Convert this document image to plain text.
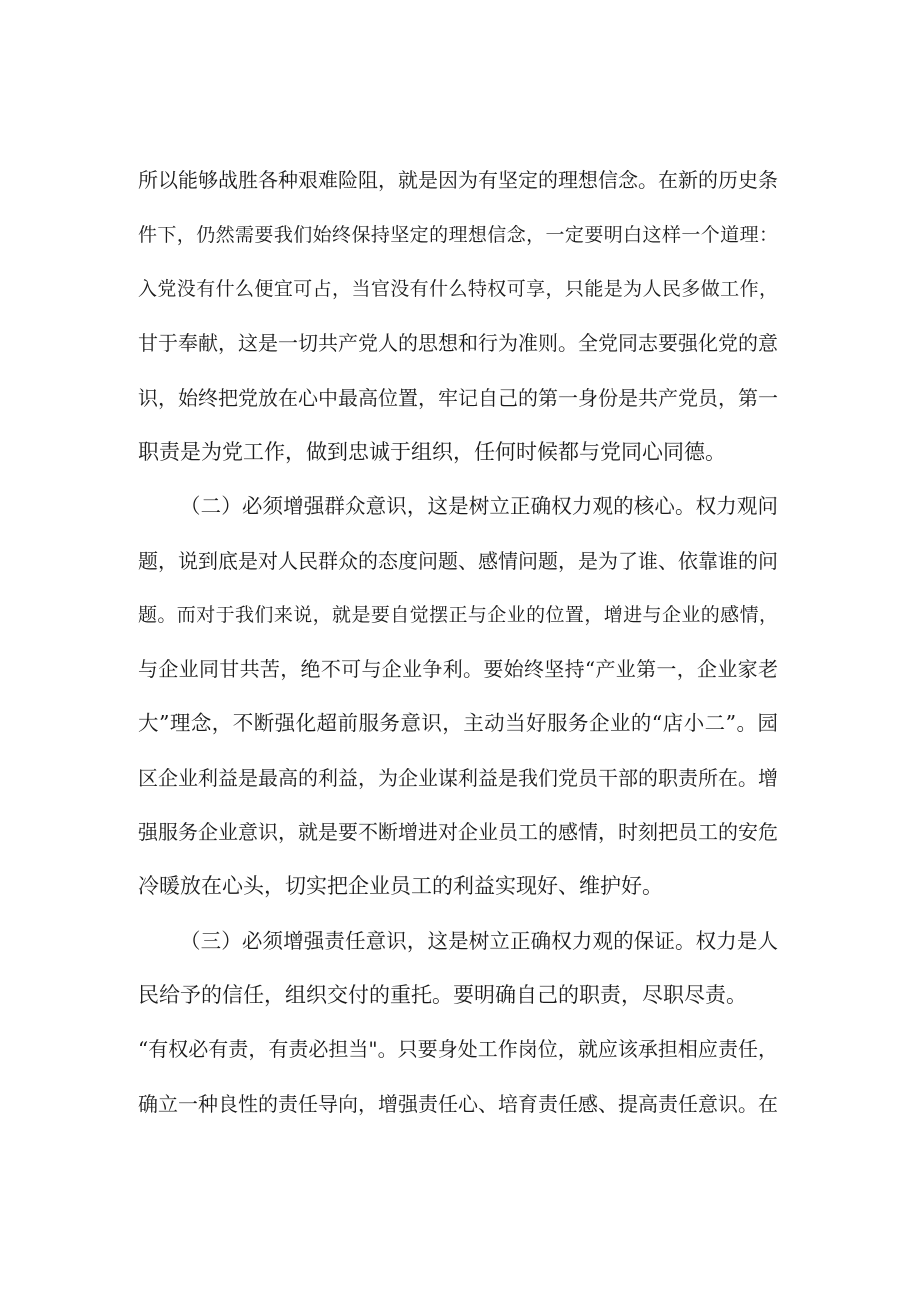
所以能够战胜各种艰难险阻，就是因为有坚定的理想信念。在新的历史条
件下，仍然需要我们始终保持坚定的理想信念，一定要明白这样一个道理：
入党没有什么便宜可占，当官没有什么特权可享，只能是为人民多做工作，
甘于奉献，这是一切共产党人的思想和行为准则。全党同志要强化党的意
识，始终把党放在心中最高位置，牢记自己的第一身份是共产党员，第一
职责是为党工作，做到忠诚于组织，任何时候都与党同心同德。
（二）必须增强群众意识，这是树立正确权力观的核心。权力观问
题，说到底是对人民群众的态度问题、感情问题，是为了谁、依靠谁的问
题。而对于我们来说，就是要自觉摆正与企业的位置，增进与企业的感情，
与企业同甘共苦，绝不可与企业争利。要始终坚持“产业第一，企业家老
大”理念，不断强化超前服务意识，主动当好服务企业的“店小二”。园
区企业利益是最高的利益，为企业谋利益是我们党员干部的职责所在。增
强服务企业意识，就是要不断增进对企业员工的感情，时刻把员工的安危
冷暖放在心头，切实把企业员工的利益实现好、维护好。
（三）必须增强责任意识，这是树立正确权力观的保证。权力是人
民给予的信任，组织交付的重托。要明确自己的职责，尽职尽责。
“有权必有责，有责必担当"。只要身处工作岗位，就应该承担相应责任，
确立一种良性的责任导向，增强责任心、培育责任感、提高责任意识。在
